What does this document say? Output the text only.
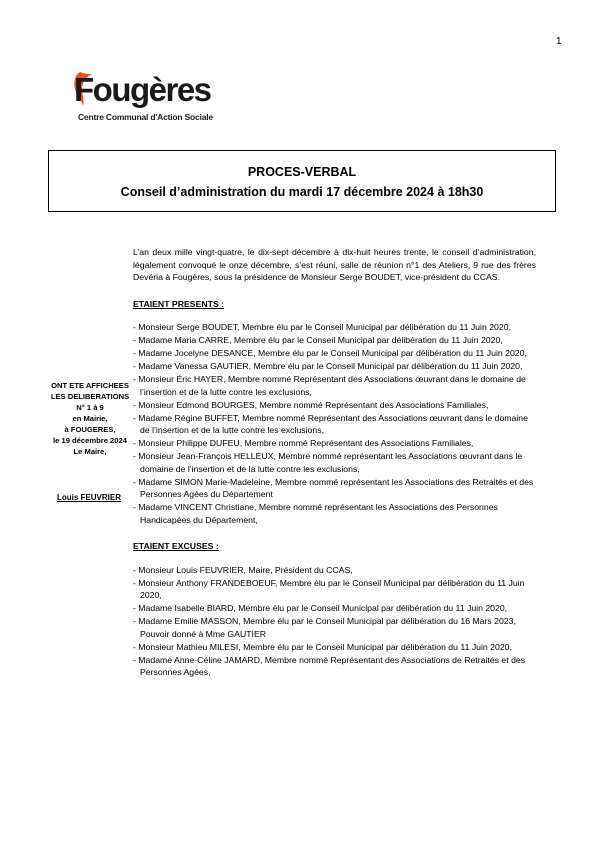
1
Fougères
Centre Communal d'Action Sociale
PROCES-VERBAL
Conseil d’administration du mardi 17 décembre 2024 à 18h30
ONT ETE AFFICHEES
LES DELIBERATIONS
N° 1 à 9
en Mairie,
à FOUGERES,
le 19 décembre 2024
Le Maire,
Louis FEUVRIER

L’an deux mille vingt-quatre, le dix-sept décembre à dix-huit heures trente, le conseil d’administration, légalement convoqué le onze décembre, s’est réuni, salle de réunion n°1 des Ateliers, 9 rue des frères Devéria à Fougères, sous la présidence de Monsieur Serge BOUDET, vice-président du CCAS.

ETAIENT PRESENTS :
- Monsieur Serge BOUDET, Membre élu par le Conseil Municipal par délibération du 11 Juin 2020,
- Madame Maria CARRE, Membre élu par le Conseil Municipal par délibération du 11 Juin 2020,
- Madame Jocelyne DESANCE, Membre élu par le Conseil Municipal par délibération du 11 Juin 2020,
- Madame Vanessa GAUTIER, Membre élu par le Conseil Municipal par délibération du 11 Juin 2020,
- Monsieur Éric HAYER, Membre nommé Représentant des Associations œuvrant dans le domaine de l’insertion et de la lutte contre les exclusions,
- Monsieur Edmond BOURGES, Membre nommé Représentant des Associations Familiales,
- Madame Régine BUFFET, Membre nommé Représentant des Associations œuvrant dans le domaine de l’insertion et de la lutte contre les exclusions,
- Monsieur Philippe DUFEU, Membre nommé Représentant des Associations Familiales,
- Monsieur Jean-François HELLEUX, Membre nommé représentant les Associations œuvrant dans le domaine de l’insertion et de la lutte contre les exclusions,
- Madame SIMON Marie-Madeleine, Membre nommé représentant les Associations des Retraités et des Personnes Agées du Département
- Madame VINCENT Christiane, Membre nommé représentant les Associations des Personnes Handicapées du Département,
ETAIENT EXCUSES :
- Monsieur Louis FEUVRIER, Maire, Président du CCAS,
- Monsieur Anthony FRANDEBOEUF, Membre élu par le Conseil Municipal par délibération du 11 Juin 2020,
- Madame Isabelle BIARD, Membre élu par le Conseil Municipal par délibération du 11 Juin 2020,
- Madame Emilie MASSON, Membre élu par le Conseil Municipal par délibération du 16 Mars 2023, Pouvoir donné à Mme GAUTIER
- Monsieur Mathieu MILESI, Membre élu par le Conseil Municipal par délibération du 11 Juin 2020,
- Madame Anne-Céline JAMARD, Membre nommé Représentant des Associations de Retraités et des Personnes Agées,
